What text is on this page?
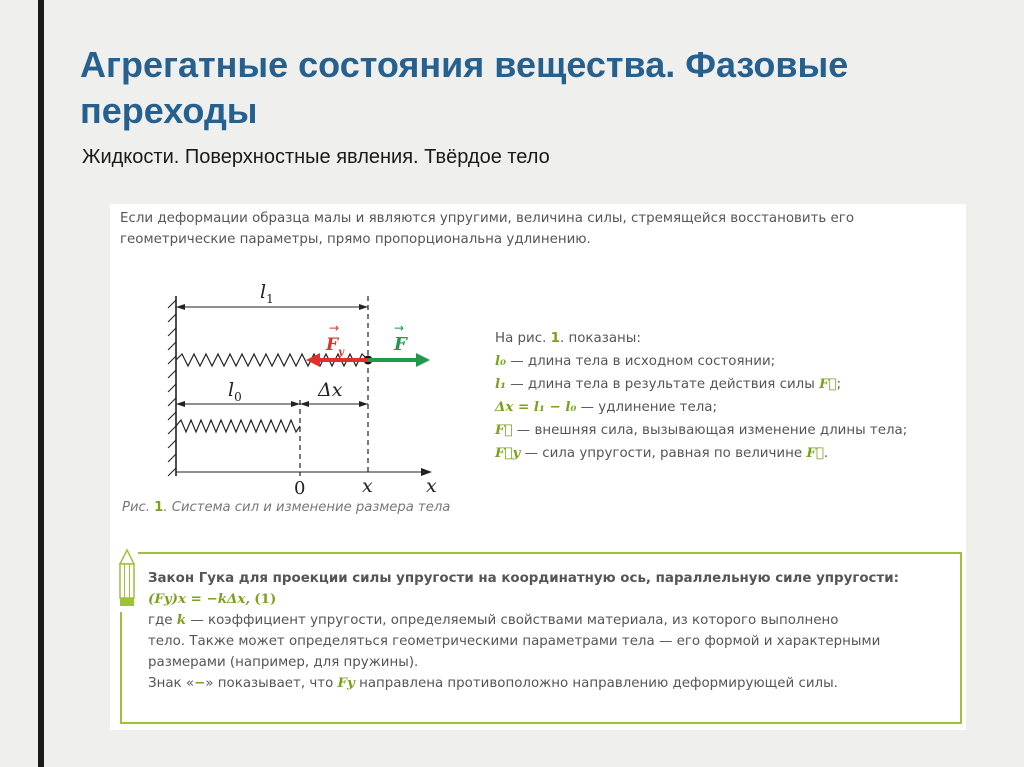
Агрегатные состояния вещества. Фазовые переходы
Жидкости. Поверхностные явления. Твёрдое тело
Если деформации образца малы и являются упругими, величина силы, стремящейся восстановить его геометрические параметры, прямо пропорциональна удлинению.
$l_1$
$F_y$
→
F
→
$l_0$	Δx
0	x	x
Рис. 1. Система сил и изменение размера тела
На рис. 1. показаны:
l₀ — длина тела в исходном состоянии;
l₁ — длина тела в результате действия силы F⃗;
Δx = l₁ − l₀ — удлинение тела;
F⃗ — внешняя сила, вызывающая изменение длины тела;
F⃗y — сила упругости, равная по величине F⃗.
Закон Гука для проекции силы упругости на координатную ось, параллельную силе упругости:
(Fy)x = −kΔx, (1)
где k — коэффициент упругости, определяемый свойствами материала, из которого выполнено
тело. Также может определяться геометрическими параметрами тела — его формой и характерными
размерами (например, для пружины).
Знак «−» показывает, что Fy направлена противоположно направлению деформирующей силы.
